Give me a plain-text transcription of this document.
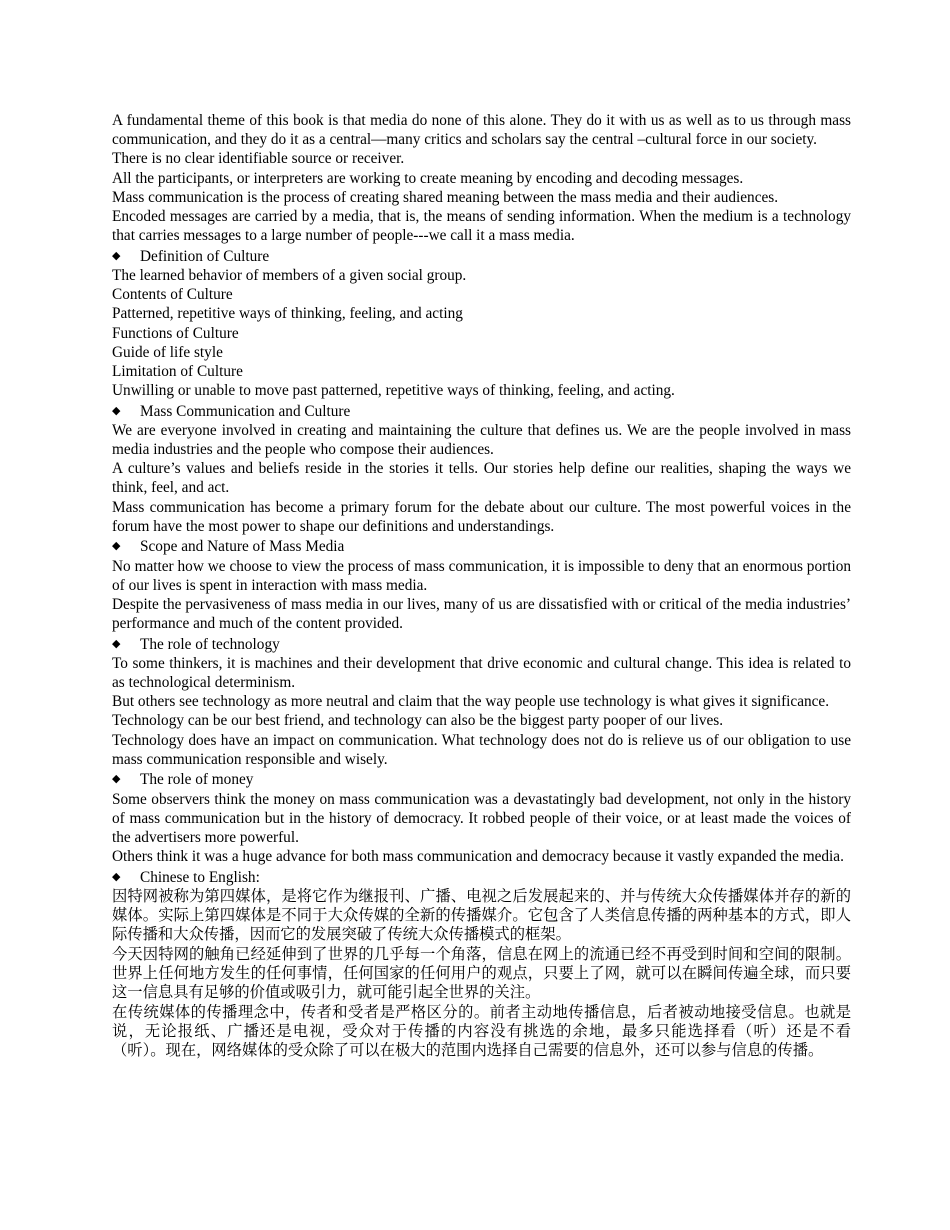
A fundamental theme of this book is that media do none of this alone. They do it with us as well as to us through mass communication, and they do it as a central—many critics and scholars say the central –cultural force in our society.

There is no clear identifiable source or receiver.

All the participants, or interpreters are working to create meaning by encoding and decoding messages.

Mass communication is the process of creating shared meaning between the mass media and their audiences.

Encoded messages are carried by a media, that is, the means of sending information. When the medium is a technology that carries messages to a large number of people---we call it a mass media.

◆ Definition of Culture

The learned behavior of members of a given social group.

Contents of Culture

Patterned, repetitive ways of thinking, feeling, and acting

Functions of Culture

Guide of life style

Limitation of Culture

Unwilling or unable to move past patterned, repetitive ways of thinking, feeling, and acting.

◆ Mass Communication and Culture

We are everyone involved in creating and maintaining the culture that defines us. We are the people involved in mass media industries and the people who compose their audiences.

A culture’s values and beliefs reside in the stories it tells. Our stories help define our realities, shaping the ways we think, feel, and act.

Mass communication has become a primary forum for the debate about our culture. The most powerful voices in the forum have the most power to shape our definitions and understandings.

◆ Scope and Nature of Mass Media

No matter how we choose to view the process of mass communication, it is impossible to deny that an enormous portion of our lives is spent in interaction with mass media.

Despite the pervasiveness of mass media in our lives, many of us are dissatisfied with or critical of the media industries’ performance and much of the content provided.

◆ The role of technology

To some thinkers, it is machines and their development that drive economic and cultural change. This idea is related to as technological determinism.

But others see technology as more neutral and claim that the way people use technology is what gives it significance.

Technology can be our best friend, and technology can also be the biggest party pooper of our lives.

Technology does have an impact on communication. What technology does not do is relieve us of our obligation to use mass communication responsible and wisely.

◆ The role of money

Some observers think the money on mass communication was a devastatingly bad development, not only in the history of mass communication but in the history of democracy. It robbed people of their voice, or at least made the voices of the advertisers more powerful.

Others think it was a huge advance for both mass communication and democracy because it vastly expanded the media.

◆ Chinese to English:

因特网被称为第四媒体，是将它作为继报刊、广播、电视之后发展起来的、并与传统大众传播媒体并存的新的媒体。实际上第四媒体是不同于大众传媒的全新的传播媒介。它包含了人类信息传播的两种基本的方式，即人际传播和大众传播，因而它的发展突破了传统大众传播模式的框架。

今天因特网的触角已经延伸到了世界的几乎每一个角落，信息在网上的流通已经不再受到时间和空间的限制。世界上任何地方发生的任何事情，任何国家的任何用户的观点，只要上了网，就可以在瞬间传遍全球，而只要这一信息具有足够的价值或吸引力，就可能引起全世界的关注。

在传统媒体的传播理念中，传者和受者是严格区分的。前者主动地传播信息，后者被动地接受信息。也就是说，无论报纸、广播还是电视，受众对于传播的内容没有挑选的余地，最多只能选择看（听）还是不看（听）。现在，网络媒体的受众除了可以在极大的范围内选择自己需要的信息外，还可以参与信息的传播。
